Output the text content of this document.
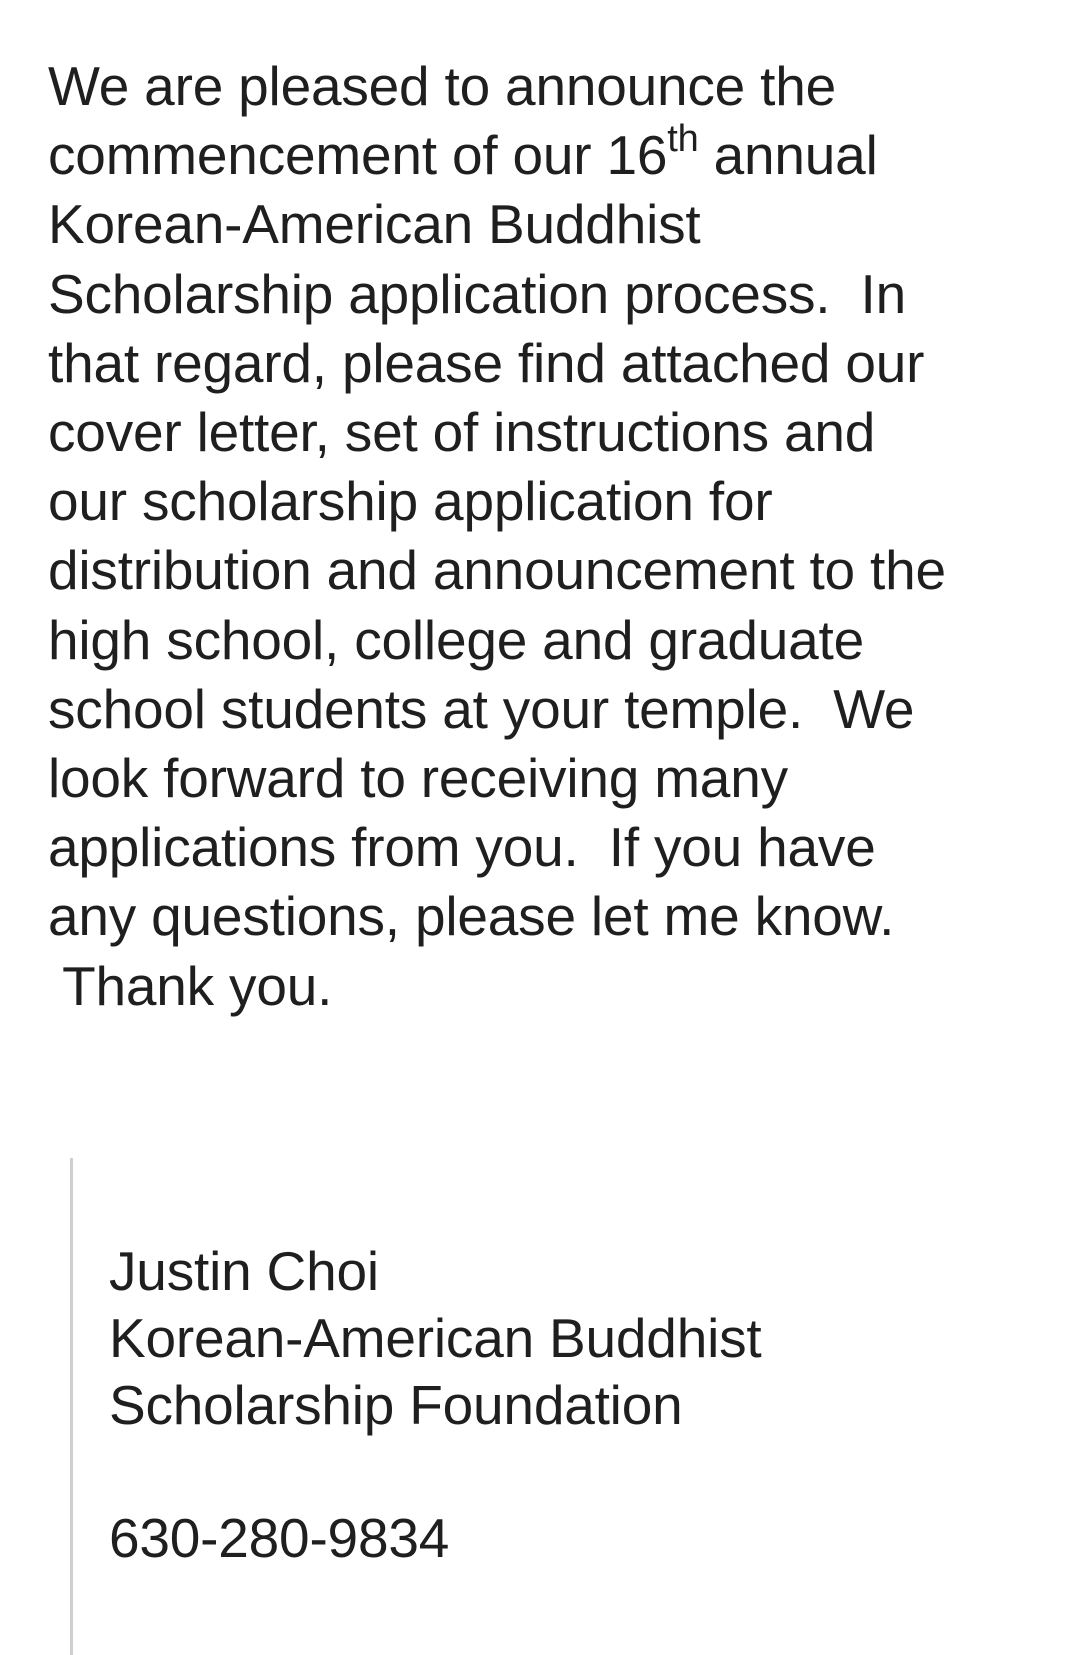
We are pleased to announce the
commencement of our 16th annual
Korean-American Buddhist
Scholarship application process.  In
that regard, please find attached our
cover letter, set of instructions and
our scholarship application for
distribution and announcement to the
high school, college and graduate
school students at your temple.  We
look forward to receiving many
applications from you.  If you have
any questions, please let me know.
Thank you.
Justin Choi
Korean-American Buddhist
Scholarship Foundation
630-280-9834
